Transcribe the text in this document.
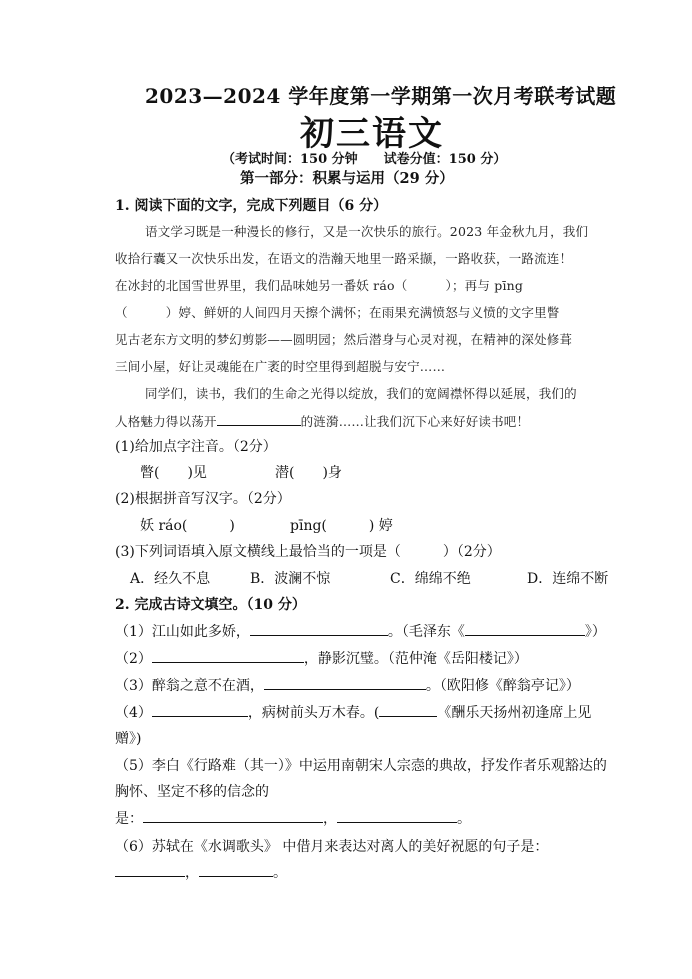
2023—2024 学年度第一学期第一次月考联考试题
初三语文
（考试时间：150 分钟　　试卷分值：150 分）
第一部分：积累与运用（29 分）
1. 阅读下面的文字，完成下列题目（6 分）
语文学习既是一种漫长的修行，又是一次快乐的旅行。2023 年金秋九月，我们
收拾行囊又一次快乐出发，在语文的浩瀚天地里一路采撷，一路收获，一路流连！
在冰封的北国雪世界里，我们品味她另一番妖 ráo（　　　）；再与 pīng
（　　　）婷、鲜妍的人间四月天擦个满怀；在雨果充满愤怒与义愤的文字里瞥
见古老东方文明的梦幻剪影——圆明园；然后潜身与心灵对视，在精神的深处修葺
三间小屋，好让灵魂能在广袤的时空里得到超脱与安宁……
同学们，读书，我们的生命之光得以绽放，我们的宽阔襟怀得以延展，我们的
人格魅力得以荡开	的涟漪……让我们沉下心来好好读书吧！
(1)给加点字注音。（2分）
瞥(　　)见	潜(　　)身
(2)根据拼音写汉字。（2分）
妖 ráo(　　　)	pīng(　　　) 婷
(3)下列词语填入原文横线上最恰当的一项是（　　　）（2分）
A．经久不息	B．波澜不惊	C．绵绵不绝	D．连绵不断
2. 完成古诗文填空。（10 分）
（1）江山如此多娇，	。（毛泽东《	》）
（2）	，静影沉璧。（范仲淹《岳阳楼记》）
（3）醉翁之意不在酒，	。（欧阳修《醉翁亭记》）
（4）	，病树前头万木春。(	《酬乐天扬州初逢席上见
赠》)
（5）李白《行路难（其一）》中运用南朝宋人宗悫的典故，抒发作者乐观豁达的
胸怀、坚定不移的信念的
是：	，	。
（6）苏轼在《水调歌头》 中借月来表达对离人的美好祝愿的句子是：
，	。
